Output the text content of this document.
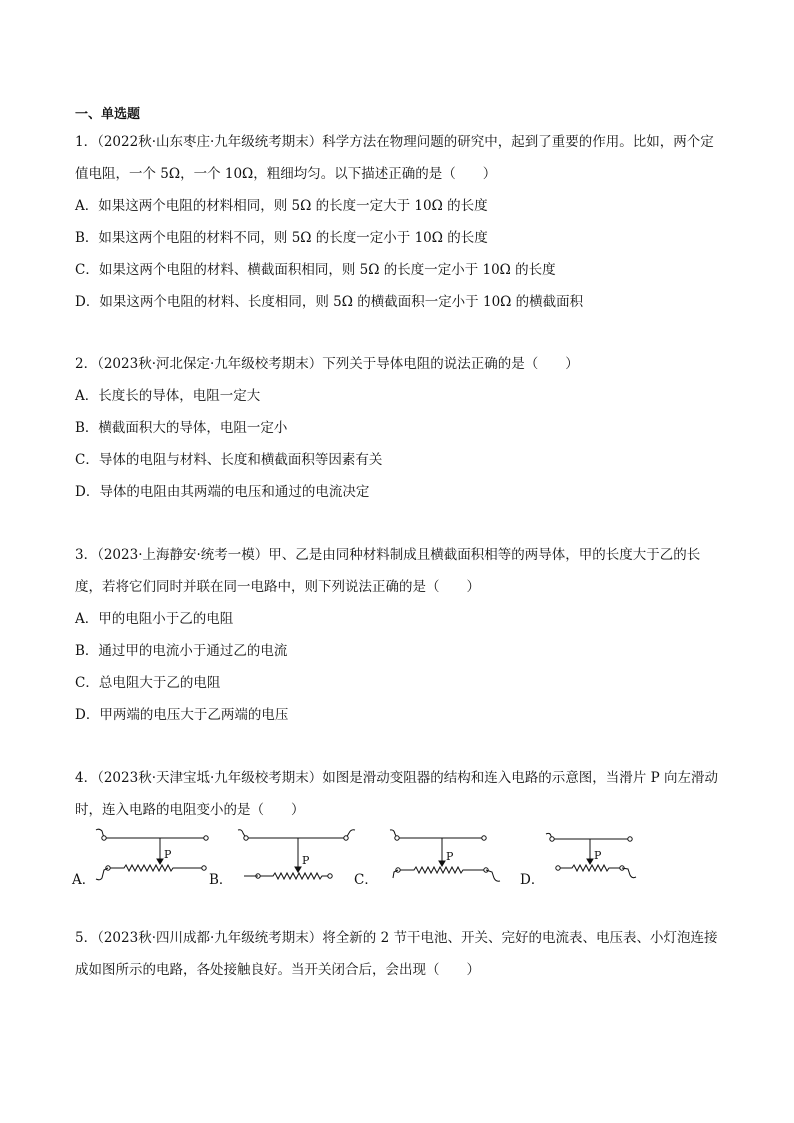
一、单选题

1．（2022秋·山东枣庄·九年级统考期末）科学方法在物理问题的研究中，起到了重要的作用。比如，两个定值电阻，一个 5Ω，一个 10Ω，粗细均匀。以下描述正确的是（　　）

A．如果这两个电阻的材料相同，则 5Ω 的长度一定大于 10Ω 的长度

B．如果这两个电阻的材料不同，则 5Ω 的长度一定小于 10Ω 的长度

C．如果这两个电阻的材料、横截面积相同，则 5Ω 的长度一定小于 10Ω 的长度

D．如果这两个电阻的材料、长度相同，则 5Ω 的横截面积一定小于 10Ω 的横截面积

2．（2023秋·河北保定·九年级校考期末）下列关于导体电阻的说法正确的是（　　）

A．长度长的导体，电阻一定大

B．横截面积大的导体，电阻一定小

C．导体的电阻与材料、长度和横截面积等因素有关

D．导体的电阻由其两端的电压和通过的电流决定

3．（2023·上海静安·统考一模）甲、乙是由同种材料制成且横截面积相等的两导体，甲的长度大于乙的长度，若将它们同时并联在同一电路中，则下列说法正确的是（　　）

A．甲的电阻小于乙的电阻

B．通过甲的电流小于通过乙的电流

C．总电阻大于乙的电阻

D．甲两端的电压大于乙两端的电压

4．（2023秋·天津宝坻·九年级校考期末）如图是滑动变阻器的结构和连入电路的示意图，当滑片 P 向左滑动时，连入电路的电阻变小的是（　　）

A．	B．	C．	D．
P	P	P	P

5．（2023秋·四川成都·九年级统考期末）将全新的 2 节干电池、开关、完好的电流表、电压表、小灯泡连接成如图所示的电路，各处接触良好。当开关闭合后，会出现（　　）
